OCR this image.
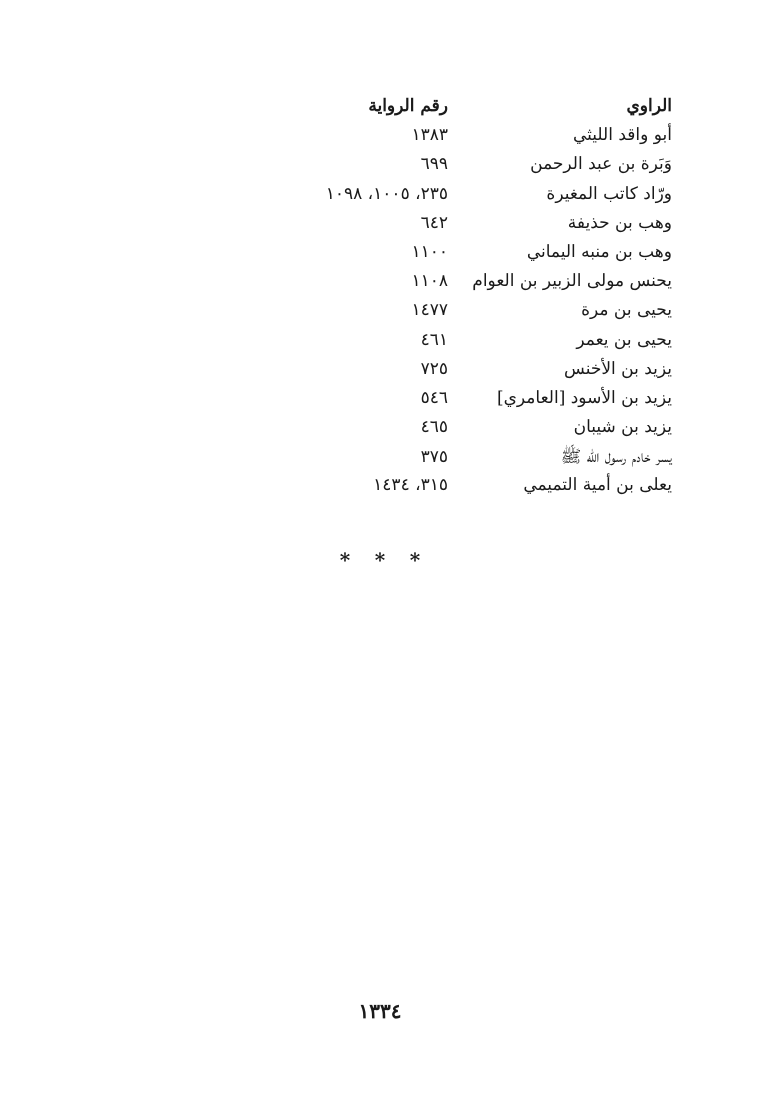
الراوي
رقم الرواية
أبو واقد الليثي
١٣٨٣
وَبَرة بن عبد الرحمن
٦٩٩
ورّاد كاتب المغيرة
٢٣٥، ١٠٠٥، ١٠٩٨
وهب بن حذيفة
٦٤٢
وهب بن منبه اليماني
١١٠٠
يحنس مولى الزبير بن العوام
١١٠٨
يحيى بن مرة
١٤٧٧
يحيى بن يعمر
٤٦١
يزيد بن الأخنس
٧٢٥
يزيد بن الأسود [العامري]
٥٤٦
يزيد بن شيبان
٤٦٥
يسر خادم رسول الله ﷺ
٣٧٥
يعلى بن أمية التميمي
٣١٥، ١٤٣٤
*	*	*
١٣٣٤
